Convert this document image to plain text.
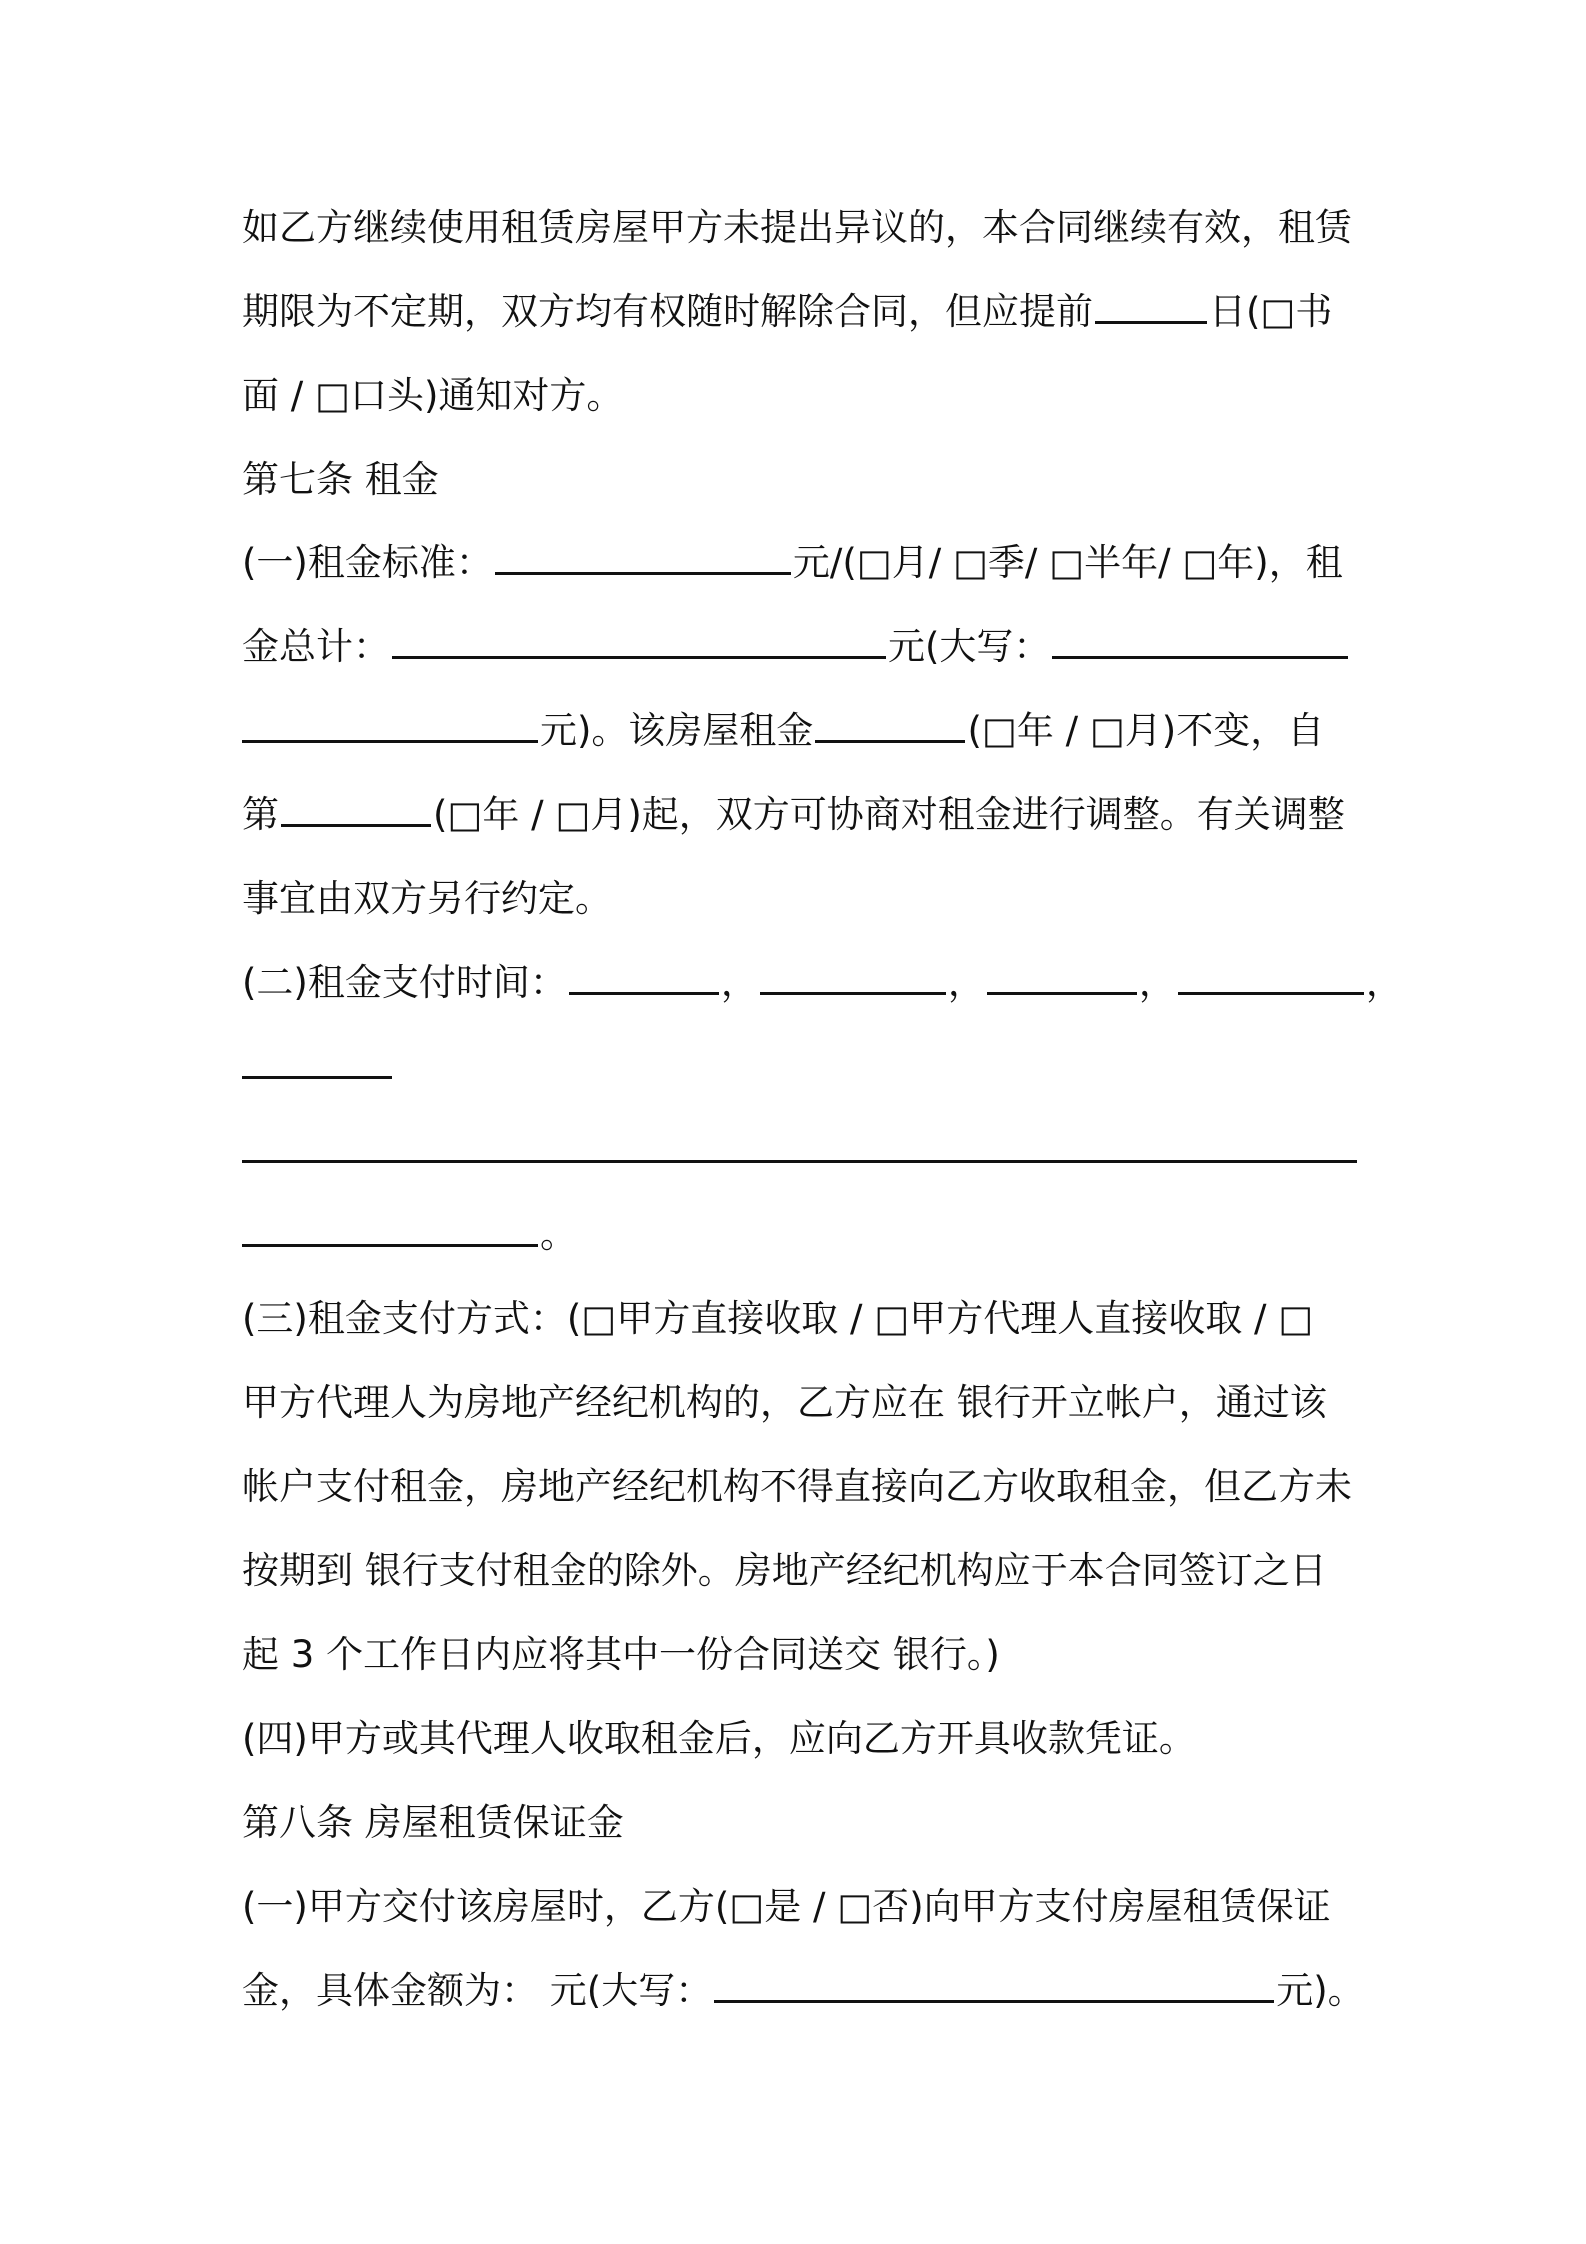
如乙方继续使用租赁房屋甲方未提出异议的，本合同继续有效，租赁
期限为不定期，双方均有权随时解除合同，但应提前	日(□书
面 / □口头)通知对方。
第七条 租金
(一)租金标准：	元/(□月/ □季/ □半年/ □年)，租
金总计：	元(大写：
元)。该房屋租金	(□年 / □月)不变，自
第	(□年 / □月)起，双方可协商对租金进行调整。有关调整
事宜由双方另行约定。
(二)租金支付时间：	，	，	，	，
。
(三)租金支付方式：(□甲方直接收取 / □甲方代理人直接收取 / □
甲方代理人为房地产经纪机构的，乙方应在 银行开立帐户，通过该
帐户支付租金，房地产经纪机构不得直接向乙方收取租金，但乙方未
按期到 银行支付租金的除外。房地产经纪机构应于本合同签订之日
起 3 个工作日内应将其中一份合同送交 银行。)
(四)甲方或其代理人收取租金后，应向乙方开具收款凭证。
第八条 房屋租赁保证金
(一)甲方交付该房屋时，乙方(□是 / □否)向甲方支付房屋租赁保证
金，具体金额为： 元(大写：	元)。
